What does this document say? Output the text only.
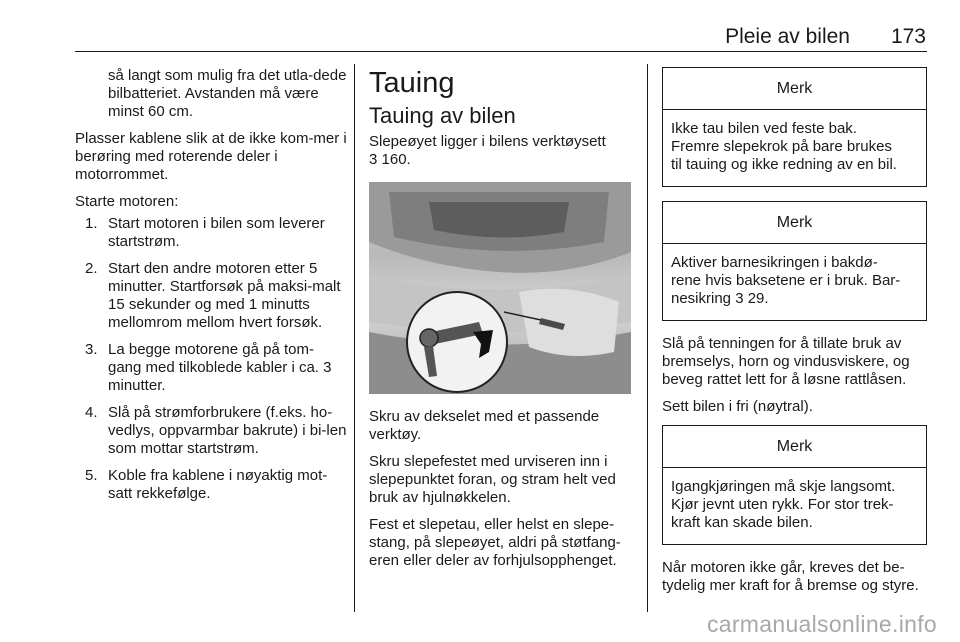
Pleie av bilen	173
så langt som mulig fra det utla-dede bilbatteriet. Avstanden må være minst 60 cm.

Plasser kablene slik at de ikke kom-mer i berøring med roterende deler i motorrommet.

Starte motoren:

1. Start motoren i bilen som leverer startstrøm.
2. Start den andre motoren etter 5 minutter. Startforsøk på maksi-malt 15 sekunder og med 1 minutts mellomrom mellom hvert forsøk.
3. La begge motorene gå på tom-gang med tilkoblede kabler i ca. 3 minutter.
4. Slå på strømforbrukere (f.eks. ho-vedlys, oppvarmbar bakrute) i bi-len som mottar startstrøm.
5. Koble fra kablene i nøyaktig mot-satt rekkefølge.
Tauing
Tauing av bilen
Slepeøyet ligger i bilens verktøysett
3 160.

Skru av dekselet med et passende verktøy.

Skru slepefestet med urviseren inn i slepepunktet foran, og stram helt ved bruk av hjulnøkkelen.

Fest et slepetau, eller helst en slepe-stang, på slepeøyet, aldri på støtfang-eren eller deler av forhjulsopphenget.

Merk
Ikke tau bilen ved feste bak.
Fremre slepekrok på bare brukes
til tauing og ikke redning av en bil.
Merk
Aktiver barnesikringen i bakdø-
rene hvis baksetene er i bruk. Bar-
nesikring 3 29.

Slå på tenningen for å tillate bruk av bremselys, horn og vindusviskere, og beveg rattet lett for å løsne rattlåsen.

Sett bilen i fri (nøytral).

Merk
Igangkjøringen må skje langsomt.
Kjør jevnt uten rykk. For stor trek-
kraft kan skade bilen.

Når motoren ikke går, kreves det be-tydelig mer kraft for å bremse og styre.

carmanualsonline.info
